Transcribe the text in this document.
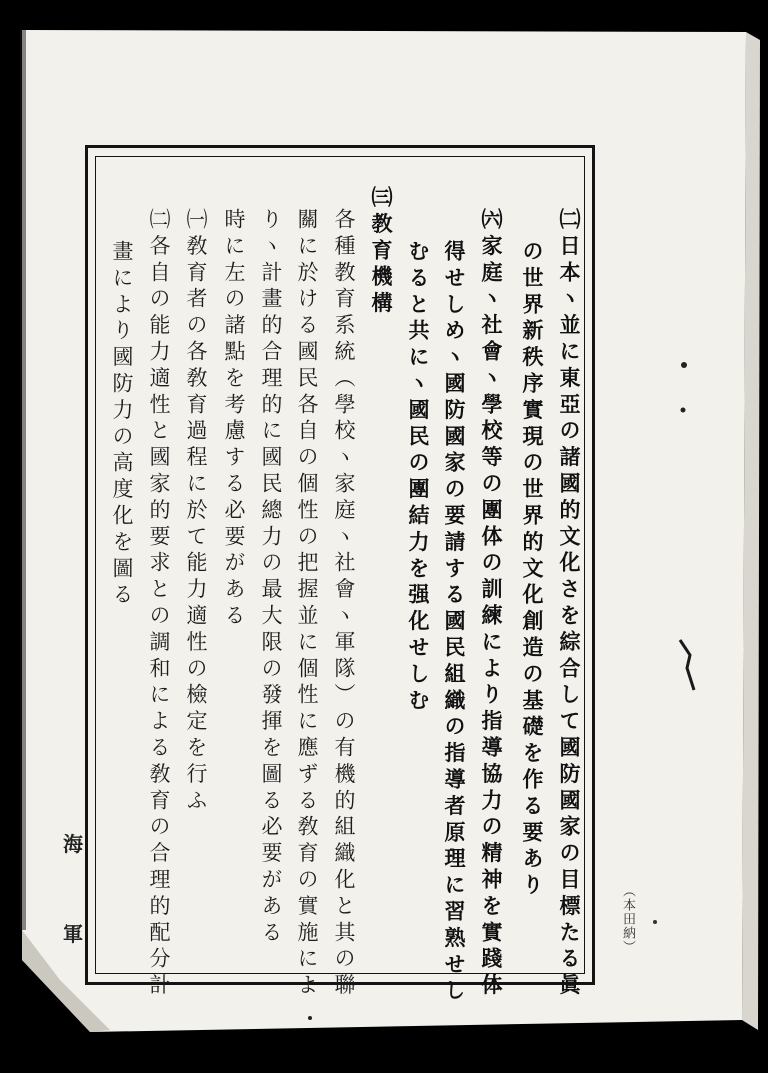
㈡日本ヽ並に東亞の諸國的文化さを綜合して國防國家の目標たる眞
の世界新秩序實現の世界的文化創造の基礎を作る要あり
㈥家庭ヽ社會ヽ學校等の團体の訓練により指導協力の精神を實踐体
得せしめヽ國防國家の要請する國民組織の指導者原理に習熟せし
むると共にヽ國民の團結力を强化せしむ
㈢教育機構
各種教育系統（學校ヽ家庭ヽ社會ヽ軍隊）の有機的組織化と其の聯
關に於ける國民各自の個性の把握並に個性に應ずる敎育の實施によ
りヽ計畫的合理的に國民總力の最大限の發揮を圖る必要がある
㈠敎育者の各敎育過程に於て能力適性の檢定を行ふ 時に左の諸點を考慮する必要がある
㈡各自の能力適性と國家的要求との調和による敎育の合理的配分計
畫により國防力の高度化を圖る
（本田納）
海
軍
